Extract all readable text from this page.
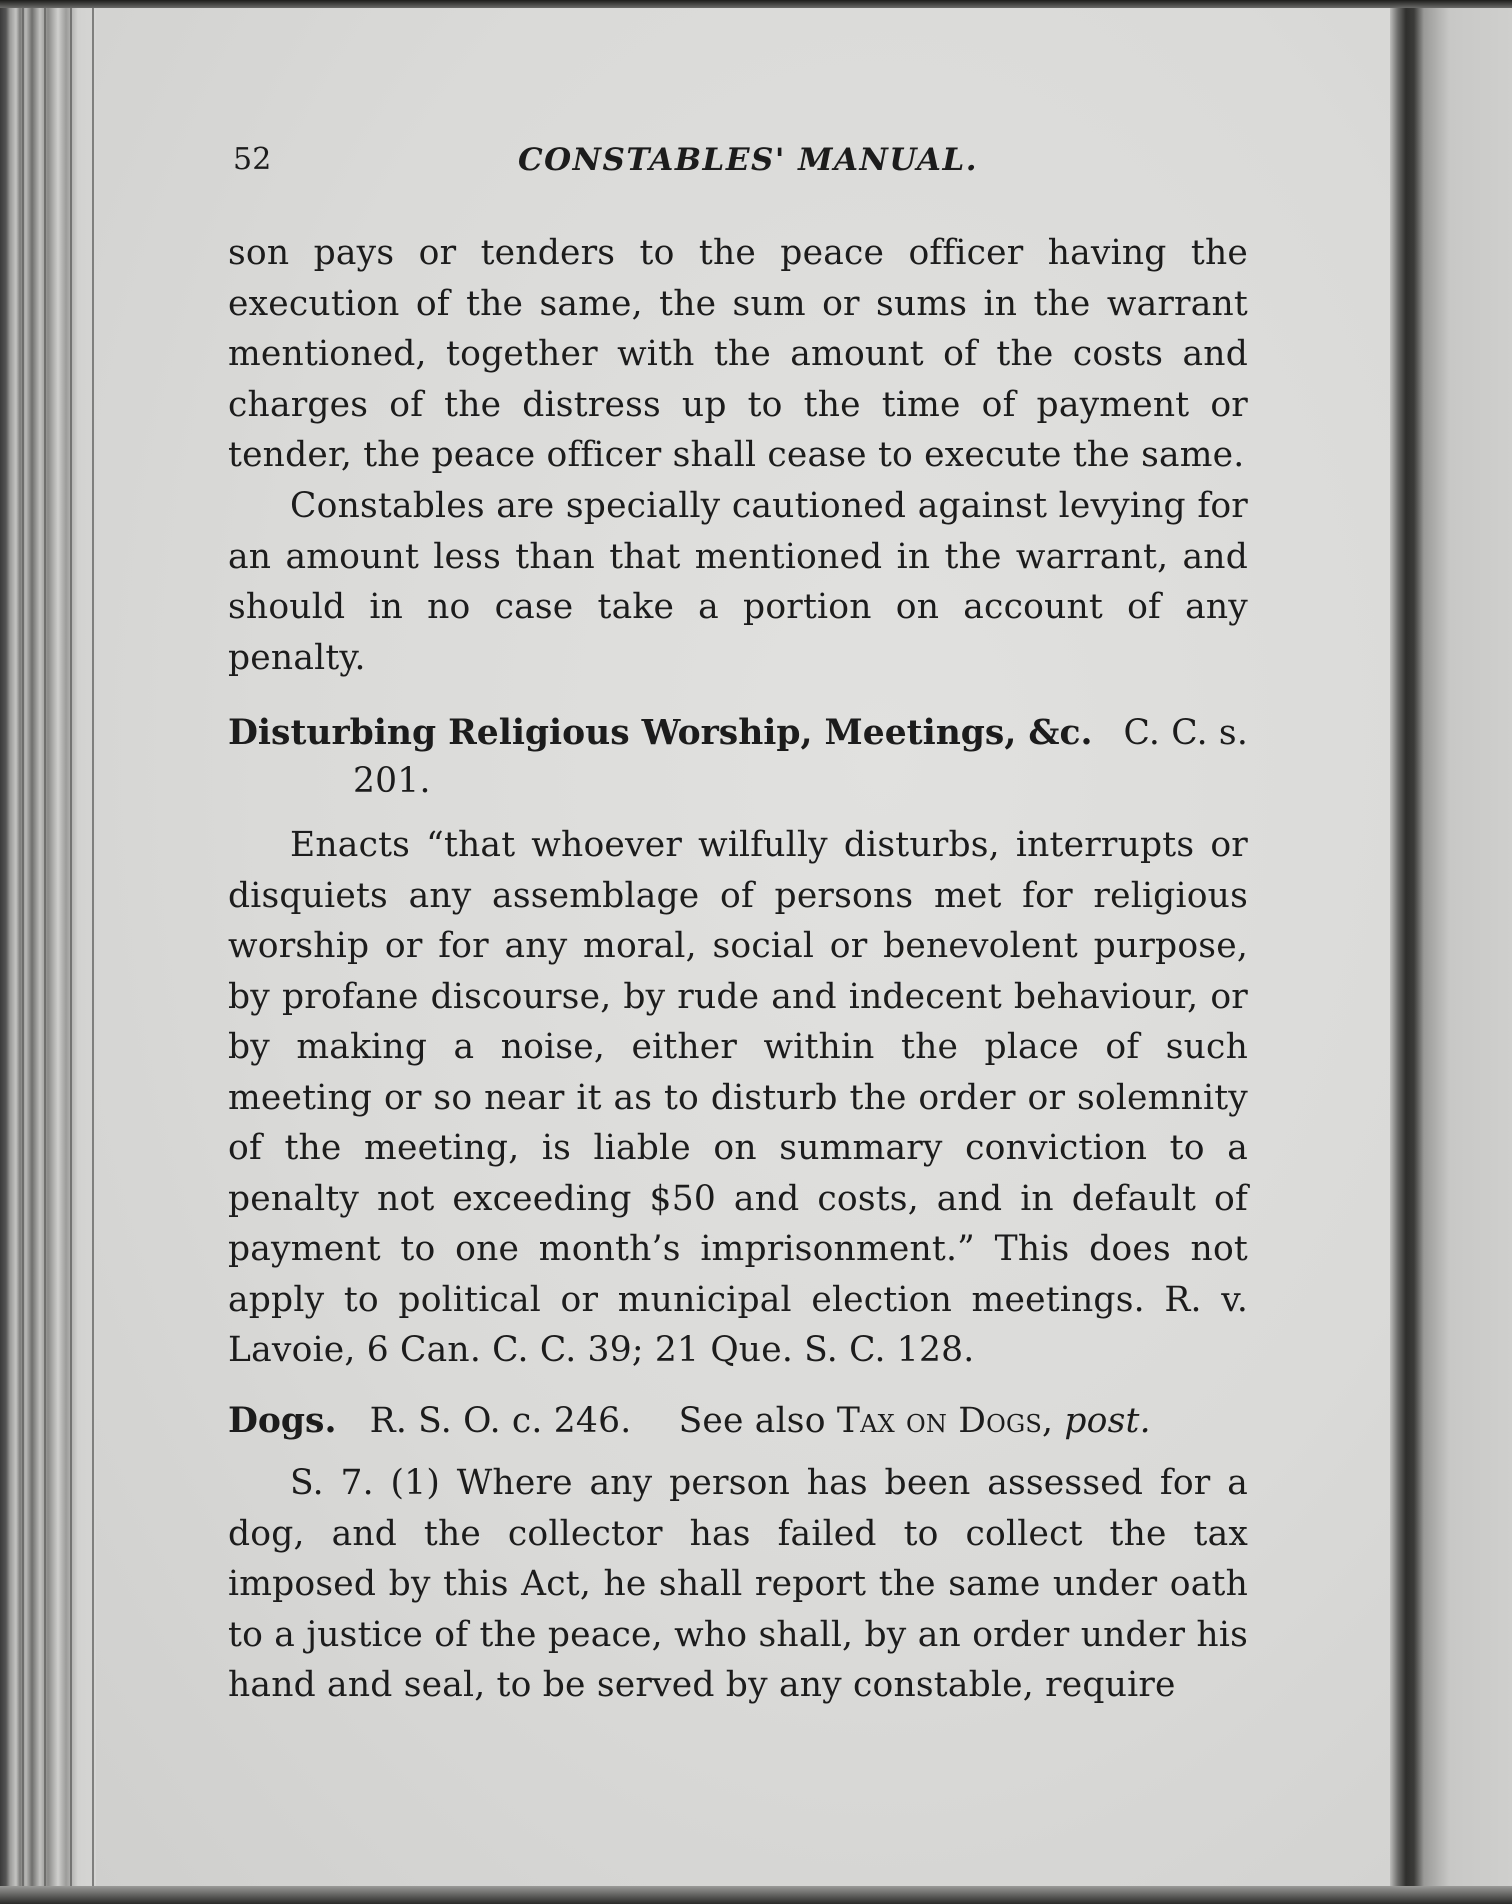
52	CONSTABLES' MANUAL.
son pays or tenders to the peace officer having the execution of the same, the sum or sums in the warrant mentioned, together with the amount of the costs and charges of the distress up to the time of payment or tender, the peace officer shall cease to execute the same.
Constables are specially cautioned against levying for an amount less than that mentioned in the warrant, and should in no case take a portion on account of any penalty.
Disturbing Religious Worship, Meetings, &c. C. C. s.
201.
Enacts “that whoever wilfully disturbs, interrupts or disquiets any assemblage of persons met for religious worship or for any moral, social or benevolent purpose, by profane discourse, by rude and indecent behaviour, or by making a noise, either within the place of such meeting or so near it as to disturb the order or solemnity of the meeting, is liable on summary conviction to a penalty not exceeding $50 and costs, and in default of payment to one month’s imprisonment.” This does not apply to political or municipal election meetings. R. v. Lavoie, 6 Can. C. C. 39; 21 Que. S. C. 128.
Dogs. R. S. O. c. 246. See also Tax on Dogs, post.
S. 7. (1) Where any person has been assessed for a dog, and the collector has failed to collect the tax imposed by this Act, he shall report the same under oath to a justice of the peace, who shall, by an order under his hand and seal, to be served by any constable, require
